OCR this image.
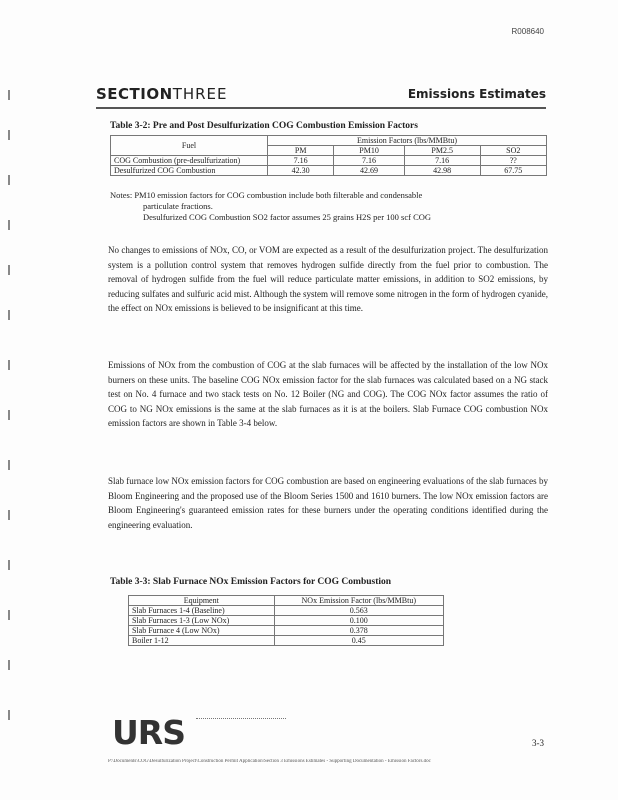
R008640
SECTIONTHREE	Emissions Estimates
Table 3-2: Pre and Post Desulfurization COG Combustion Emission Factors
Fuel	Emission Factors (lbs/MMBtu)			
	PM	PM10	PM2.5	SO2
COG Combustion (pre-desulfurization)	7.16	7.16	7.16	??
Desulfurized COG Combustion	42.30	42.69	42.98	67.75

Notes: PM10 emission factors for COG combustion include both filterable and condensable

particulate fractions.

Desulfurized COG Combustion SO2 factor assumes 25 grains H2S per 100 scf COG

No changes to emissions of NOx, CO, or VOM are expected as a result of the desulfurization project. The desulfurization system is a pollution control system that removes hydrogen sulfide directly from the fuel prior to combustion. The removal of hydrogen sulfide from the fuel will reduce particulate matter emissions, in addition to SO2 emissions, by reducing sulfates and sulfuric acid mist. Although the system will remove some nitrogen in the form of hydrogen cyanide, the effect on NOx emissions is believed to be insignificant at this time.

Emissions of NOx from the combustion of COG at the slab furnaces will be affected by the installation of the low NOx burners on these units. The baseline COG NOx emission factor for the slab furnaces was calculated based on a NG stack test on No. 4 furnace and two stack tests on No. 12 Boiler (NG and COG). The COG NOx factor assumes the ratio of COG to NG NOx emissions is the same at the slab furnaces as it is at the boilers. Slab Furnace COG combustion NOx emission factors are shown in Table 3-4 below.

Slab furnace low NOx emission factors for COG combustion are based on engineering evaluations of the slab furnaces by Bloom Engineering and the proposed use of the Bloom Series 1500 and 1610 burners. The low NOx emission factors are Bloom Engineering's guaranteed emission rates for these burners under the operating conditions identified during the engineering evaluation.

Table 3-3: Slab Furnace NOx Emission Factors for COG Combustion
Equipment	NOx Emission Factor (lbs/MMBtu)
Slab Furnaces 1-4 (Baseline)	0.563
Slab Furnaces 1-3 (Low NOx)	0.100
Slab Furnace 4 (Low NOx)	0.378
Boiler 1-12	0.45
URS	3-3
P:\Documents\COG\Desulfurization Project\Construction Permit Application\Section 3 Emissions Estimates - Supporting Documentation - Emission Factors.doc
